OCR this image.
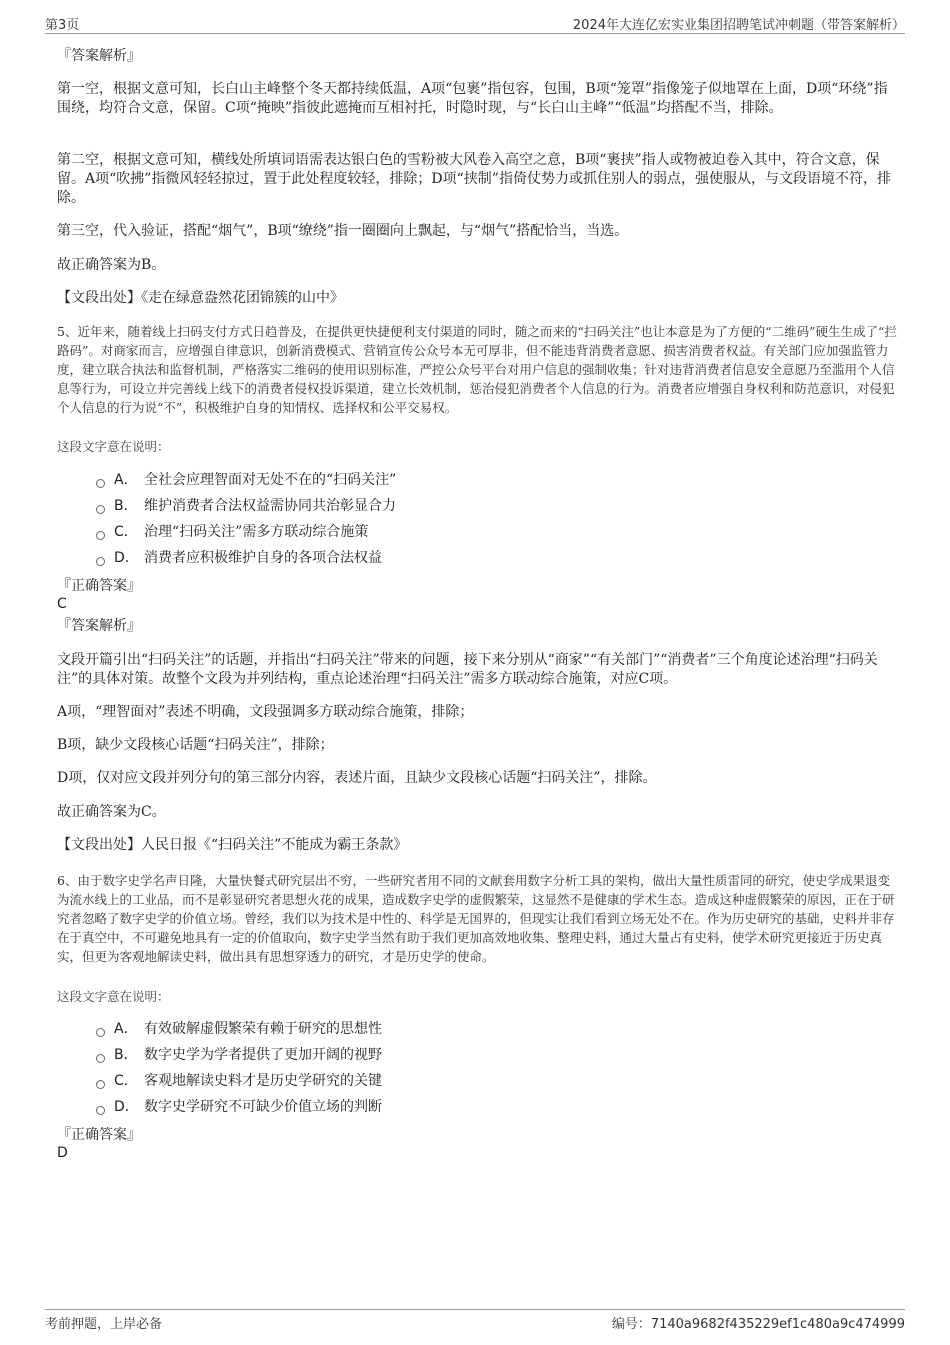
第3页	2024年大连亿宏实业集团招聘笔试冲刺题（带答案解析）
『答案解析』

第一空，根据文意可知，长白山主峰整个冬天都持续低温，A项“包裹”指包容，包围，B项“笼罩”指像笼子似地罩在上面，D项“环绕”指围绕，均符合文意，保留。C项“掩映”指彼此遮掩而互相衬托，时隐时现，与“长白山主峰”“低温”均搭配不当，排除。

第二空，根据文意可知，横线处所填词语需表达银白色的雪粉被大风卷入高空之意，B项“裹挟”指人或物被迫卷入其中，符合文意，保留。A项“吹拂”指微风轻轻掠过，置于此处程度较轻，排除；D项“挟制”指倚仗势力或抓住别人的弱点，强使服从，与文段语境不符，排除。

第三空，代入验证，搭配“烟气”，B项“缭绕”指一圈圈向上飘起，与“烟气”搭配恰当，当选。

故正确答案为B。

【文段出处】《走在绿意盎然花团锦簇的山中》

5、近年来，随着线上扫码支付方式日趋普及，在提供更快捷便利支付渠道的同时，随之而来的“扫码关注”也让本意是为了方便的“二维码”硬生生成了“拦路码”。对商家而言，应增强自律意识，创新消费模式、营销宣传公众号本无可厚非，但不能违背消费者意愿、损害消费者权益。有关部门应加强监管力度，建立联合执法和监督机制，严格落实二维码的使用识别标准，严控公众号平台对用户信息的强制收集；针对违背消费者信息安全意愿乃至滥用个人信息等行为，可设立并完善线上线下的消费者侵权投诉渠道，建立长效机制，惩治侵犯消费者个人信息的行为。消费者应增强自身权利和防范意识，对侵犯个人信息的行为说“不”，积极维护自身的知情权、选择权和公平交易权。

这段文字意在说明：

A． 全社会应理智面对无处不在的“扫码关注”
B． 维护消费者合法权益需协同共治彰显合力
C． 治理“扫码关注”需多方联动综合施策
D． 消费者应积极维护自身的各项合法权益
『正确答案』
C
『答案解析』

文段开篇引出“扫码关注”的话题，并指出“扫码关注”带来的问题，接下来分别从“商家”“有关部门”“消费者”三个角度论述治理“扫码关注”的具体对策。故整个文段为并列结构，重点论述治理“扫码关注”需多方联动综合施策，对应C项。

A项，“理智面对”表述不明确，文段强调多方联动综合施策，排除；

B项，缺少文段核心话题“扫码关注”，排除；

D项，仅对应文段并列分句的第三部分内容，表述片面，且缺少文段核心话题“扫码关注”，排除。

故正确答案为C。

【文段出处】人民日报《“扫码关注”不能成为霸王条款》

6、由于数字史学名声日隆，大量快餐式研究层出不穷，一些研究者用不同的文献套用数字分析工具的架构，做出大量性质雷同的研究，使史学成果退变为流水线上的工业品，而不是彰显研究者思想火花的成果，造成数字史学的虚假繁荣，这显然不是健康的学术生态。造成这种虚假繁荣的原因，正在于研究者忽略了数字史学的价值立场。曾经，我们以为技术是中性的、科学是无国界的，但现实让我们看到立场无处不在。作为历史研究的基础，史料并非存在于真空中，不可避免地具有一定的价值取向，数字史学当然有助于我们更加高效地收集、整理史料，通过大量占有史料，使学术研究更接近于历史真实，但更为客观地解读史料，做出具有思想穿透力的研究，才是历史学的使命。

这段文字意在说明：

A． 有效破解虚假繁荣有赖于研究的思想性
B． 数字史学为学者提供了更加开阔的视野
C． 客观地解读史料才是历史学研究的关键
D． 数字史学研究不可缺少价值立场的判断
『正确答案』
D
考前押题，上岸必备	编号：7140a9682f435229ef1c480a9c474999
